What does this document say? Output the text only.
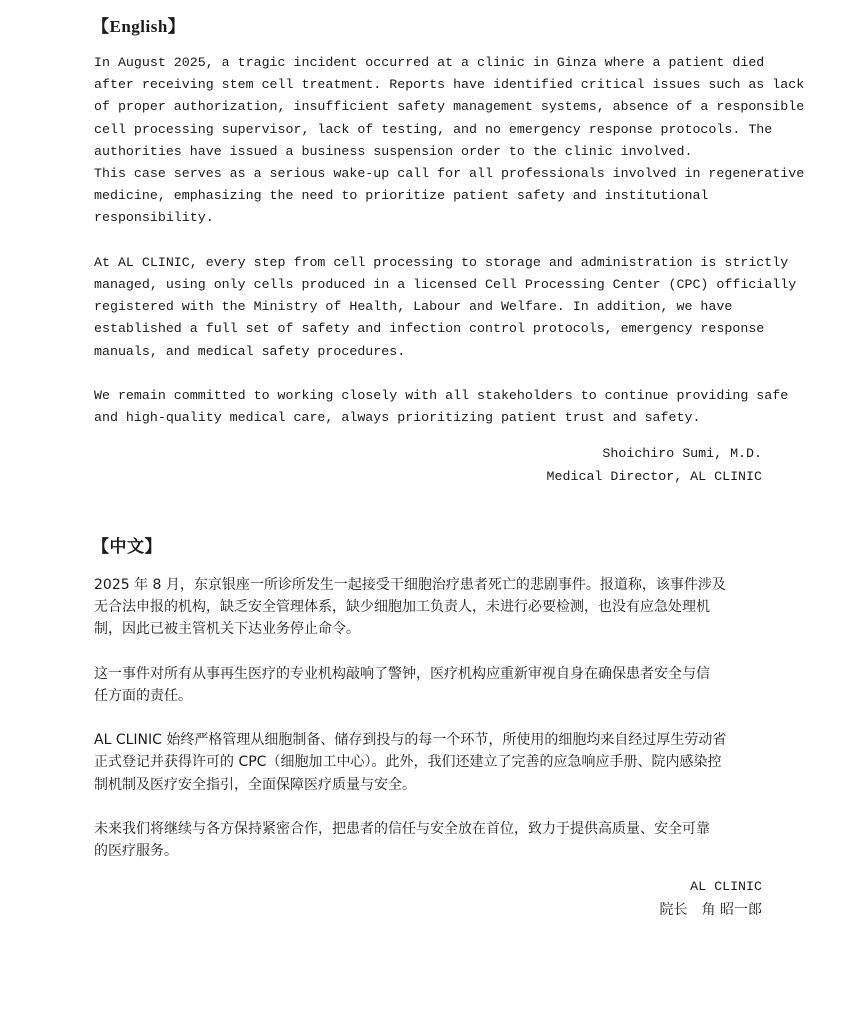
【English】
In August 2025, a tragic incident occurred at a clinic in Ginza where a patient died
after receiving stem cell treatment. Reports have identified critical issues such as lack
of proper authorization, insufficient safety management systems, absence of a responsible
cell processing supervisor, lack of testing, and no emergency response protocols. The
authorities have issued a business suspension order to the clinic involved.
This case serves as a serious wake-up call for all professionals involved in regenerative
medicine, emphasizing the need to prioritize patient safety and institutional
responsibility.
At AL CLINIC, every step from cell processing to storage and administration is strictly
managed, using only cells produced in a licensed Cell Processing Center (CPC) officially
registered with the Ministry of Health, Labour and Welfare. In addition, we have
established a full set of safety and infection control protocols, emergency response
manuals, and medical safety procedures.
We remain committed to working closely with all stakeholders to continue providing safe
and high-quality medical care, always prioritizing patient trust and safety.

Shoichiro Sumi, M.D.

Medical Director, AL CLINIC

【中文】
2025 年 8 月，东京银座一所诊所发生一起接受干细胞治疗患者死亡的悲剧事件。报道称，该事件涉及
无合法申报的机构，缺乏安全管理体系，缺少细胞加工负责人，未进行必要检测，也没有应急处理机
制，因此已被主管机关下达业务停止命令。
这一事件对所有从事再生医疗的专业机构敲响了警钟，医疗机构应重新审视自身在确保患者安全与信
任方面的责任。
AL CLINIC 始终严格管理从细胞制备、储存到投与的每一个环节，所使用的细胞均来自经过厚生劳动省
正式登记并获得许可的 CPC（细胞加工中心）。此外，我们还建立了完善的应急响应手册、院内感染控
制机制及医疗安全指引，全面保障医疗质量与安全。
未来我们将继续与各方保持紧密合作，把患者的信任与安全放在首位，致力于提供高质量、安全可靠
的医疗服务。

AL CLINIC

院长　角 昭一郎
